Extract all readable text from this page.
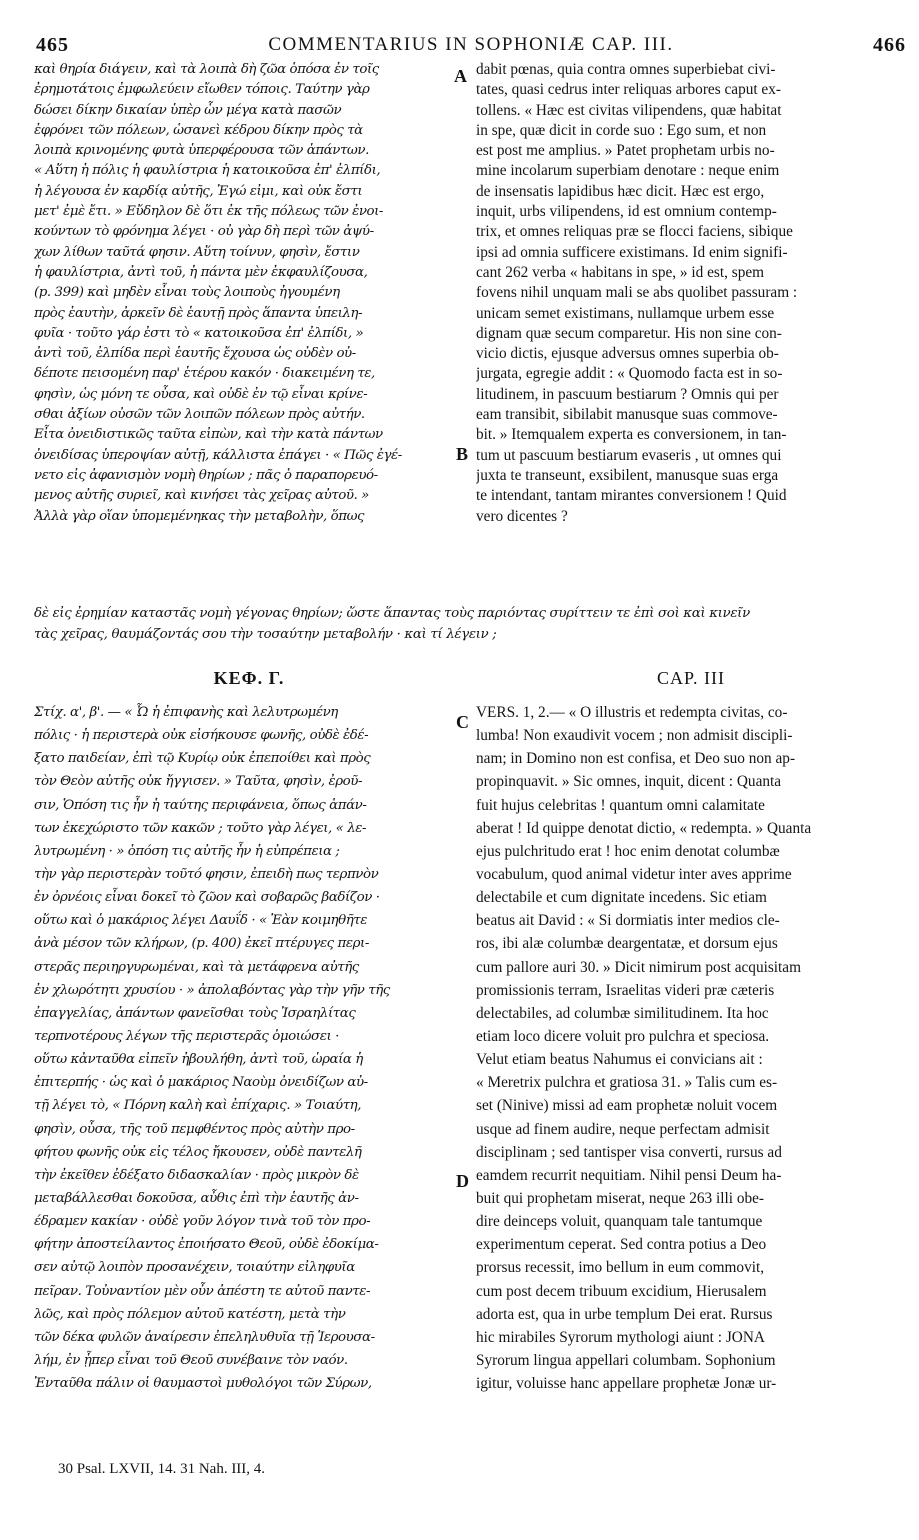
465	COMMENTARIUS IN SOPHONIÆ CAP. III.	466
καὶ θηρία διάγειν, καὶ τὰ λοιπὰ δὴ ζῶα ὁπόσα ἐν τοῖς
ἐρημοτάτοις ἐμφωλεύειν εἴωθεν τόποις. Ταύτην γὰρ
δώσει δίκην δικαίαν ὑπὲρ ὧν μέγα κατὰ πασῶν
ἐφρόνει τῶν πόλεων, ὡσανεὶ κέδρου δίκην πρὸς τὰ
λοιπὰ κρινομένης φυτὰ ὑπερφέρουσα τῶν ἁπάντων.
« Αὕτη ἡ πόλις ἡ φαυλίστρια ἡ κατοικοῦσα ἐπ' ἐλπίδι,
ἡ λέγουσα ἐν καρδίᾳ αὐτῆς, Ἐγώ εἰμι, καὶ οὐκ ἔστι
μετ' ἐμὲ ἔτι. » Εὔδηλον δὲ ὅτι ἐκ τῆς πόλεως τῶν ἐνοι-
κούντων τὸ φρόνημα λέγει · οὐ γὰρ δὴ περὶ τῶν ἀψύ-
χων λίθων ταῦτά φησιν. Αὕτη τοίνυν, φησὶν, ἔστιν
ἡ φαυλίστρια, ἀντὶ τοῦ, ἡ πάντα μὲν ἐκφαυλίζουσα,
(p. 399) καὶ μηδὲν εἶναι τοὺς λοιποὺς ἡγουμένη
πρὸς ἑαυτὴν, ἀρκεῖν δὲ ἑαυτῇ πρὸς ἅπαντα ὑπειλη-
φυῖα · τοῦτο γάρ ἐστι τὸ « κατοικοῦσα ἐπ' ἐλπίδι, »
ἀντὶ τοῦ, ἐλπίδα περὶ ἑαυτῆς ἔχουσα ὡς οὐδὲν οὐ-
δέποτε πεισομένη παρ' ἑτέρου κακόν · διακειμένη τε,
φησὶν, ὡς μόνη τε οὖσα, καὶ οὐδὲ ἐν τῷ εἶναι κρίνε-
σθαι ἀξίων οὐσῶν τῶν λοιπῶν πόλεων πρὸς αὐτήν.
Εἶτα ὀνειδιστικῶς ταῦτα εἰπὼν, καὶ τὴν κατὰ πάντων
ὀνειδίσας ὑπεροψίαν αὐτῇ, κάλλιστα ἐπάγει · « Πῶς ἐγέ-
νετο εἰς ἀφανισμὸν νομὴ θηρίων ; πᾶς ὁ παραπορευό-
μενος αὐτῆς συριεῖ, καὶ κινήσει τὰς χεῖρας αὐτοῦ. »
Ἀλλὰ γὰρ οἵαν ὑπομεμένηκας τὴν μεταβολὴν, ὅπως
dabit pœnas, quia contra omnes superbiebat civi-
tates, quasi cedrus inter reliquas arbores caput ex-
tollens. « Hæc est civitas vilipendens, quæ habitat
in spe, quæ dicit in corde suo : Ego sum, et non
est post me amplius. » Patet prophetam urbis no-
mine incolarum superbiam denotare : neque enim
de insensatis lapidibus hæc dicit. Hæc est ergo,
inquit, urbs vilipendens, id est omnium contemp-
trix, et omnes reliquas præ se flocci faciens, sibique
ipsi ad omnia sufficere existimans. Id enim signifi-
cant 262 verba « habitans in spe, » id est, spem
fovens nihil unquam mali se abs quolibet passuram :
unicam semet existimans, nullamque urbem esse
dignam quæ secum comparetur. His non sine con-
vicio dictis, ejusque adversus omnes superbia ob-
jurgata, egregie addit : « Quomodo facta est in so-
litudinem, in pascuum bestiarum ? Omnis qui per
eam transibit, sibilabit manusque suas commove-
bit. » Itemqualem experta es conversionem, in tan-
tum ut pascuum bestiarum evaseris , ut omnes qui
juxta te transeunt, exsibilent, manusque suas erga
te intendant, tantam mirantes conversionem ! Quid
vero dicentes ?
A
B
C
D
δὲ εἰς ἐρημίαν καταστᾶς νομὴ γέγονας θηρίων; ὥστε ἅπαντας τοὺς παριόντας συρίττειν τε ἐπὶ σοὶ καὶ κινεῖν
τὰς χεῖρας, θαυμάζοντάς σου τὴν τοσαύτην μεταβολήν · καὶ τί λέγειν ;
ΚΕΦ. Γ.	CAP. III
Στίχ. α', β'. — « Ὦ ἡ ἐπιφανὴς καὶ λελυτρωμένη
πόλις · ἡ περιστερὰ οὐκ εἰσήκουσε φωνῆς, οὐδὲ ἐδέ-
ξατο παιδείαν, ἐπὶ τῷ Κυρίῳ οὐκ ἐπεποίθει καὶ πρὸς
τὸν Θεὸν αὐτῆς οὐκ ἤγγισεν. » Ταῦτα, φησὶν, ἐροῦ-
σιν, Ὁπόση τις ἦν ἡ ταύτης περιφάνεια, ὅπως ἁπάν-
των ἐκεχώριστο τῶν κακῶν ; τοῦτο γὰρ λέγει, « λε-
λυτρωμένη · » ὁπόση τις αὐτῆς ἦν ἡ εὐπρέπεια ;
τὴν γὰρ περιστερὰν τοῦτό φησιν, ἐπειδὴ πως τερπνὸν
ἐν ὀρνέοις εἶναι δοκεῖ τὸ ζῶον καὶ σοβαρῶς βαδίζον ·
οὕτω καὶ ὁ μακάριος λέγει Δαυΐδ · « Ἐὰν κοιμηθῆτε
ἀνὰ μέσον τῶν κλήρων, (p. 400) ἐκεῖ πτέρυγες περι-
στερᾶς περιηργυρωμέναι, καὶ τὰ μετάφρενα αὐτῆς
ἐν χλωρότητι χρυσίου · » ἀπολαβόντας γὰρ τὴν γῆν τῆς
ἐπαγγελίας, ἁπάντων φανεῖσθαι τοὺς Ἰσραηλίτας
τερπνοτέρους λέγων τῆς περιστερᾶς ὁμοιώσει ·
οὕτω κἀνταῦθα εἰπεῖν ἠβουλήθη, ἀντὶ τοῦ, ὡραία ἡ
ἐπιτερπής · ὡς καὶ ὁ μακάριος Ναοὺμ ὀνειδίζων αὐ-
τῇ λέγει τὸ, « Πόρνη καλὴ καὶ ἐπίχαρις. » Τοιαύτη,
φησὶν, οὖσα, τῆς τοῦ πεμφθέντος πρὸς αὐτὴν προ-
φήτου φωνῆς οὐκ εἰς τέλος ἤκουσεν, οὐδὲ παντελῆ
τὴν ἐκεῖθεν ἐδέξατο διδασκαλίαν · πρὸς μικρὸν δὲ
μεταβάλλεσθαι δοκοῦσα, αὖθις ἐπὶ τὴν ἑαυτῆς ἀν-
έδραμεν κακίαν · οὐδὲ γοῦν λόγον τινὰ τοῦ τὸν προ-
φήτην ἀποστείλαντος ἐποιήσατο Θεοῦ, οὐδὲ ἐδοκίμα-
σεν αὐτῷ λοιπὸν προσανέχειν, τοιαύτην εἰληφυῖα
πεῖραν. Τοὐναντίον μὲν οὖν ἀπέστη τε αὐτοῦ παντε-
λῶς, καὶ πρὸς πόλεμον αὐτοῦ κατέστη, μετὰ τὴν
τῶν δέκα φυλῶν ἀναίρεσιν ἐπεληλυθυῖα τῇ Ἱερουσα-
λήμ, ἐν ᾗπερ εἶναι τοῦ Θεοῦ συνέβαινε τὸν ναόν.
Ἐνταῦθα πάλιν οἱ θαυμαστοὶ μυθολόγοι τῶν Σύρων,
VERS. 1, 2.— « O illustris et redempta civitas, co-
lumba! Non exaudivit vocem ; non admisit discipli-
nam; in Domino non est confisa, et Deo suo non ap-
propinquavit. » Sic omnes, inquit, dicent : Quanta
fuit hujus celebritas ! quantum omni calamitate
aberat ! Id quippe denotat dictio, « redempta. » Quanta
ejus pulchritudo erat ! hoc enim denotat columbæ
vocabulum, quod animal videtur inter aves apprime
delectabile et cum dignitate incedens. Sic etiam
beatus ait David : « Si dormiatis inter medios cle-
ros, ibi alæ columbæ deargentatæ, et dorsum ejus
cum pallore auri 30. » Dicit nimirum post acquisitam
promissionis terram, Israelitas videri præ cæteris
delectabiles, ad columbæ similitudinem. Ita hoc
etiam loco dicere voluit pro pulchra et speciosa.
Velut etiam beatus Nahumus ei convicians ait :
« Meretrix pulchra et gratiosa 31. » Talis cum es-
set (Ninive) missi ad eam prophetæ noluit vocem
usque ad finem audire, neque perfectam admisit
disciplinam ; sed tantisper visa converti, rursus ad
eamdem recurrit nequitiam. Nihil pensi Deum ha-
buit qui prophetam miserat, neque 263 illi obe-
dire deinceps voluit, quanquam tale tantumque
experimentum ceperat. Sed contra potius a Deo
prorsus recessit, imo bellum in eum commovit,
cum post decem tribuum excidium, Hierusalem
adorta est, qua in urbe templum Dei erat. Rursus
hic mirabiles Syrorum mythologi aiunt : JONA
Syrorum lingua appellari columbam. Sophonium
igitur, voluisse hanc appellare prophetæ Jonæ ur-
30 Psal. LXVII, 14. 31 Nah. III, 4.
